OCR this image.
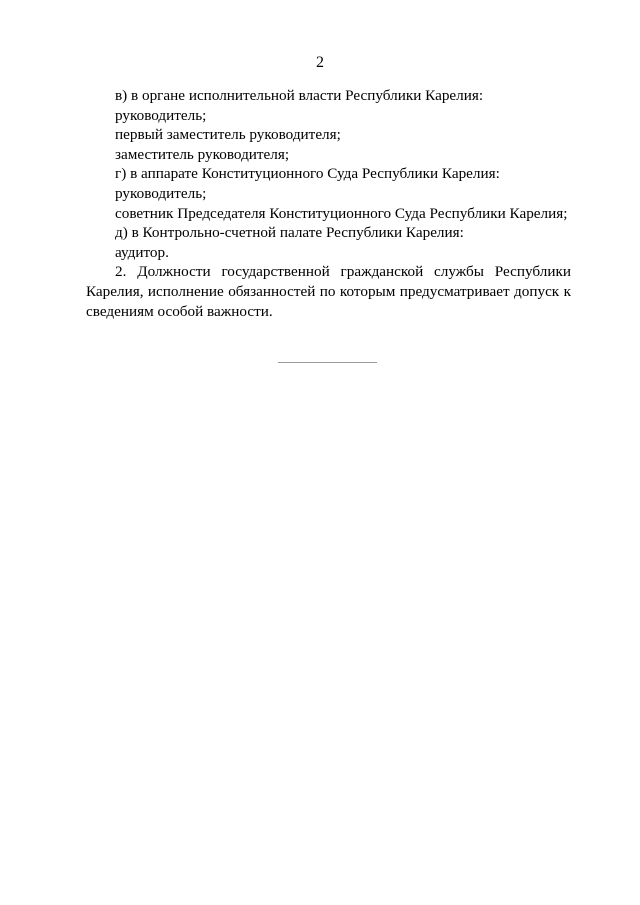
2
в) в органе исполнительной власти Республики Карелия:
руководитель;
первый заместитель руководителя;
заместитель руководителя;
г) в аппарате Конституционного Суда Республики Карелия:
руководитель;
советник Председателя Конституционного Суда Республики Карелия;
д) в Контрольно-счетной палате Республики Карелия:
аудитор.

2. Должности государственной гражданской службы Республики Карелия, исполнение обязанностей по которым предусматривает допуск к сведениям особой важности.
